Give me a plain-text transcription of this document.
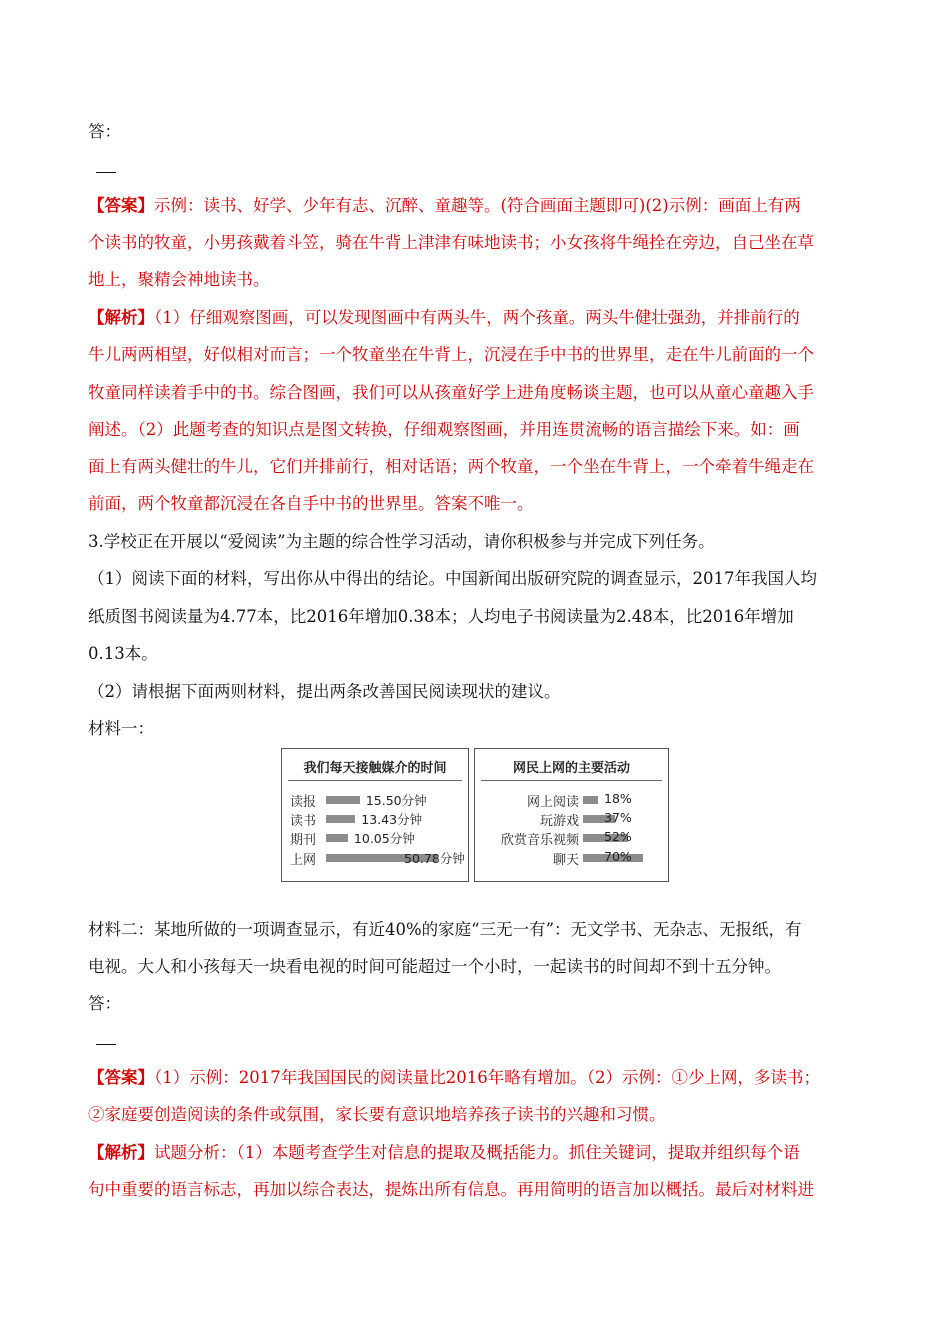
答：
【答案】示例：读书、好学、少年有志、沉醉、童趣等。(符合画面主题即可)(2)示例：画面上有两
个读书的牧童，小男孩戴着斗笠，骑在牛背上津津有味地读书；小女孩将牛绳拴在旁边，自己坐在草
地上，聚精会神地读书。
【解析】（1）仔细观察图画，可以发现图画中有两头牛，两个孩童。两头牛健壮强劲，并排前行的
牛儿两两相望，好似相对而言；一个牧童坐在牛背上，沉浸在手中书的世界里，走在牛儿前面的一个
牧童同样读着手中的书。综合图画，我们可以从孩童好学上进角度畅谈主题，也可以从童心童趣入手
阐述。（2）此题考查的知识点是图文转换，仔细观察图画，并用连贯流畅的语言描绘下来。如：画
面上有两头健壮的牛儿，它们并排前行，相对话语；两个牧童，一个坐在牛背上，一个牵着牛绳走在
前面，两个牧童都沉浸在各自手中书的世界里。答案不唯一。
3.学校正在开展以“爱阅读”为主题的综合性学习活动，请你积极参与并完成下列任务。
（1）阅读下面的材料，写出你从中得出的结论。中国新闻出版研究院的调查显示，2017年我国人均
纸质图书阅读量为4.77本，比2016年增加0.38本；人均电子书阅读量为2.48本，比2016年增加
0.13本。
（2）请根据下面两则材料，提出两条改善国民阅读现状的建议。
材料一：
我们每天接触媒介的时间
读报	15.50分钟
读书	13.43分钟
期刊	10.05分钟
上网	50.78分钟
网民上网的主要活动
网上阅读 18%
玩游戏 37%
欣赏音乐视频 52%
聊天 70%
材料二：某地所做的一项调查显示，有近40%的家庭“三无一有”：无文学书、无杂志、无报纸，有
电视。大人和小孩每天一块看电视的时间可能超过一个小时，一起读书的时间却不到十五分钟。
答：
【答案】（1）示例：2017年我国国民的阅读量比2016年略有增加。（2）示例：①少上网，多读书；
②家庭要创造阅读的条件或氛围，家长要有意识地培养孩子读书的兴趣和习惯。
【解析】试题分析：（1）本题考查学生对信息的提取及概括能力。抓住关键词，提取并组织每个语
句中重要的语言标志，再加以综合表达，提炼出所有信息。再用简明的语言加以概括。最后对材料进
